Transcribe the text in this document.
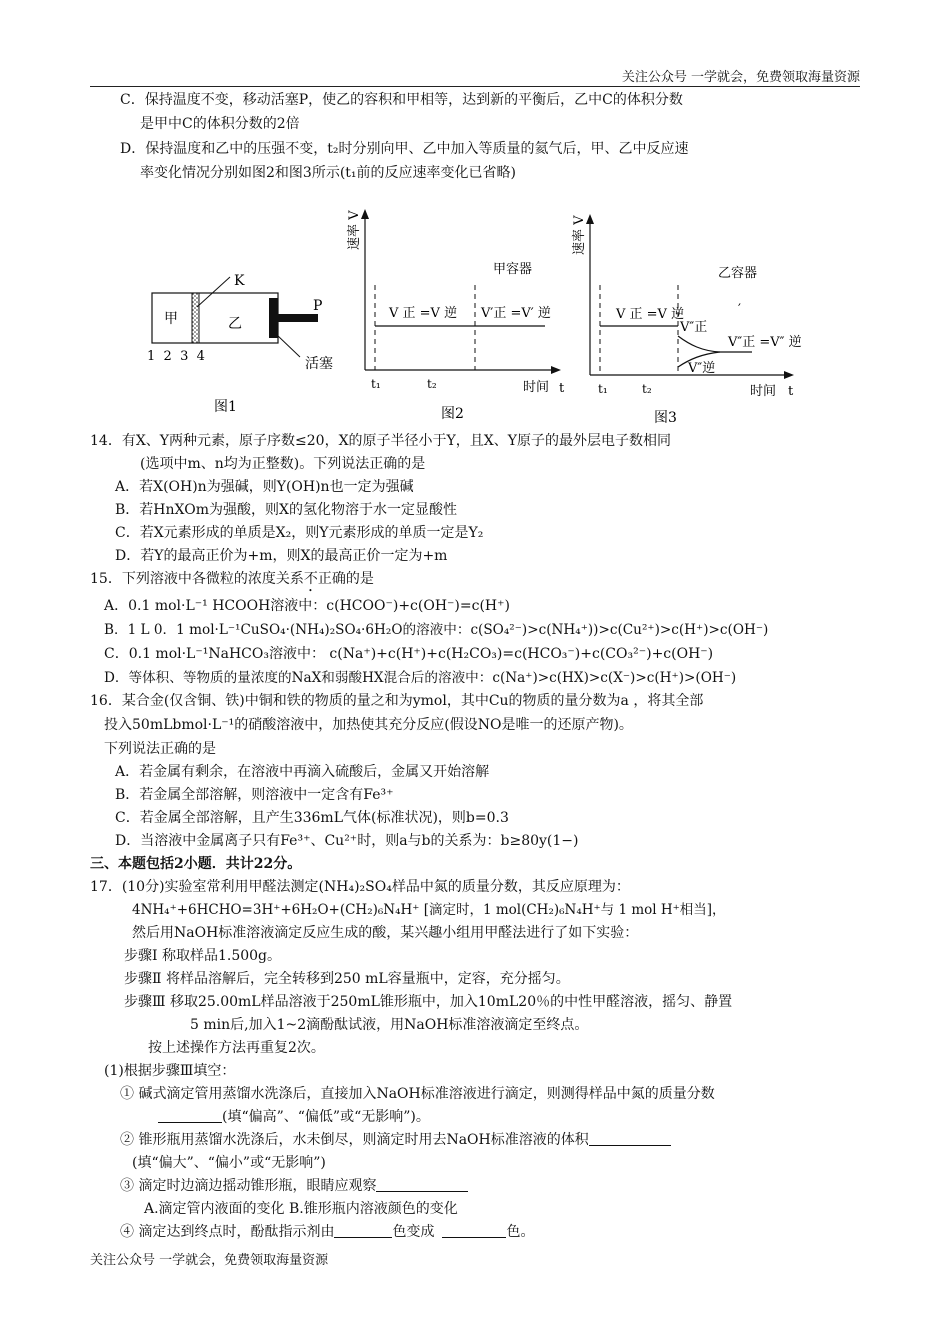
关注公众号 一学就会，免费领取海量资源
C．保持温度不变，移动活塞P，使乙的容积和甲相等，达到新的平衡后，乙中C的体积分数
是甲中C的体积分数的2倍
D．保持温度和乙中的压强不变，t₂时分别向甲、乙中加入等质量的氦气后，甲、乙中反应速
率变化情况分别如图2和图3所示(t₁前的反应速率变化已省略)
K
甲	乙
P
活塞
1  2  3  4
图1
速率 V
甲容器
V 正 =V 逆 V′正 =V′ 逆
t₁	t₂	时间 t
图2
速率 V
乙容器
′
V 正 =V 逆
V″正
V″逆
V″正 =V″ 逆
t₁	t₂	时间 t
图3
14．有X、Y两种元素，原子序数≤20，X的原子半径小于Y，且X、Y原子的最外层电子数相同
(选项中m、n均为正整数)。下列说法正确的是
A．若X(OH)n为强碱，则Y(OH)n也一定为强碱
B．若HnXOm为强酸，则X的氢化物溶于水一定显酸性
C．若X元素形成的单质是X₂，则Y元素形成的单质一定是Y₂
D．若Y的最高正价为+m，则X的最高正价一定为+m
15．下列溶液中各微粒的浓度关系不正确的是
A．0.1 mol·L⁻¹ HCOOH溶液中：c(HCOO⁻)+c(OH⁻)=c(H⁺)
B．1 L 0．1 mol·L⁻¹CuSO₄·(NH₄)₂SO₄·6H₂O的溶液中：c(SO₄²⁻)>c(NH₄⁺))>c(Cu²⁺)>c(H⁺)>c(OH⁻)
C．0.1 mol·L⁻¹NaHCO₃溶液中： c(Na⁺)+c(H⁺)+c(H₂CO₃)=c(HCO₃⁻)+c(CO₃²⁻)+c(OH⁻)
D．等体积、等物质的量浓度的NaX和弱酸HX混合后的溶液中：c(Na⁺)>c(HX)>c(X⁻)>c(H⁺)>(OH⁻)
16．某合金(仅含铜、铁)中铜和铁的物质的量之和为ymol，其中Cu的物质的量分数为a ，将其全部
投入50mLbmol·L⁻¹的硝酸溶液中，加热使其充分反应(假设NO是唯一的还原产物)。
下列说法正确的是
A．若金属有剩余，在溶液中再滴入硫酸后，金属又开始溶解
B．若金属全部溶解，则溶液中一定含有Fe³⁺
C．若金属全部溶解，且产生336mL气体(标准状况)，则b=0.3
D．当溶液中金属离子只有Fe³⁺、Cu²⁺时，则a与b的关系为：b≥80y(1−)
三、本题包括2小题．共计22分。
17．(10分)实验室常利用甲醛法测定(NH₄)₂SO₄样品中氮的质量分数，其反应原理为：
4NH₄⁺+6HCHO=3H⁺+6H₂O+(CH₂)₆N₄H⁺ [滴定时，1 mol(CH₂)₆N₄H⁺与 1 mol H⁺相当]，
然后用NaOH标准溶液滴定反应生成的酸，某兴趣小组用甲醛法进行了如下实验：
步骤Ⅰ 称取样品1.500g。
步骤Ⅱ 将样品溶解后，完全转移到250 mL容量瓶中，定容，充分摇匀。
步骤Ⅲ 移取25.00mL样品溶液于250mL锥形瓶中，加入10mL20％的中性甲醛溶液，摇匀、静置
5 min后,加入1~2滴酚酞试液，用NaOH标准溶液滴定至终点。
按上述操作方法再重复2次。
(1)根据步骤Ⅲ填空：
① 碱式滴定管用蒸馏水洗涤后，直接加入NaOH标准溶液进行滴定，则测得样品中氮的质量分数
(填“偏高”、“偏低”或“无影响”)。
② 锥形瓶用蒸馏水洗涤后，水未倒尽，则滴定时用去NaOH标准溶液的体积
(填“偏大”、“偏小”或“无影响”)
③ 滴定时边滴边摇动锥形瓶，眼睛应观察
A.滴定管内液面的变化 B.锥形瓶内溶液颜色的变化
④ 滴定达到终点时，酚酞指示剂由	色变成	色。
关注公众号 一学就会，免费领取海量资源
